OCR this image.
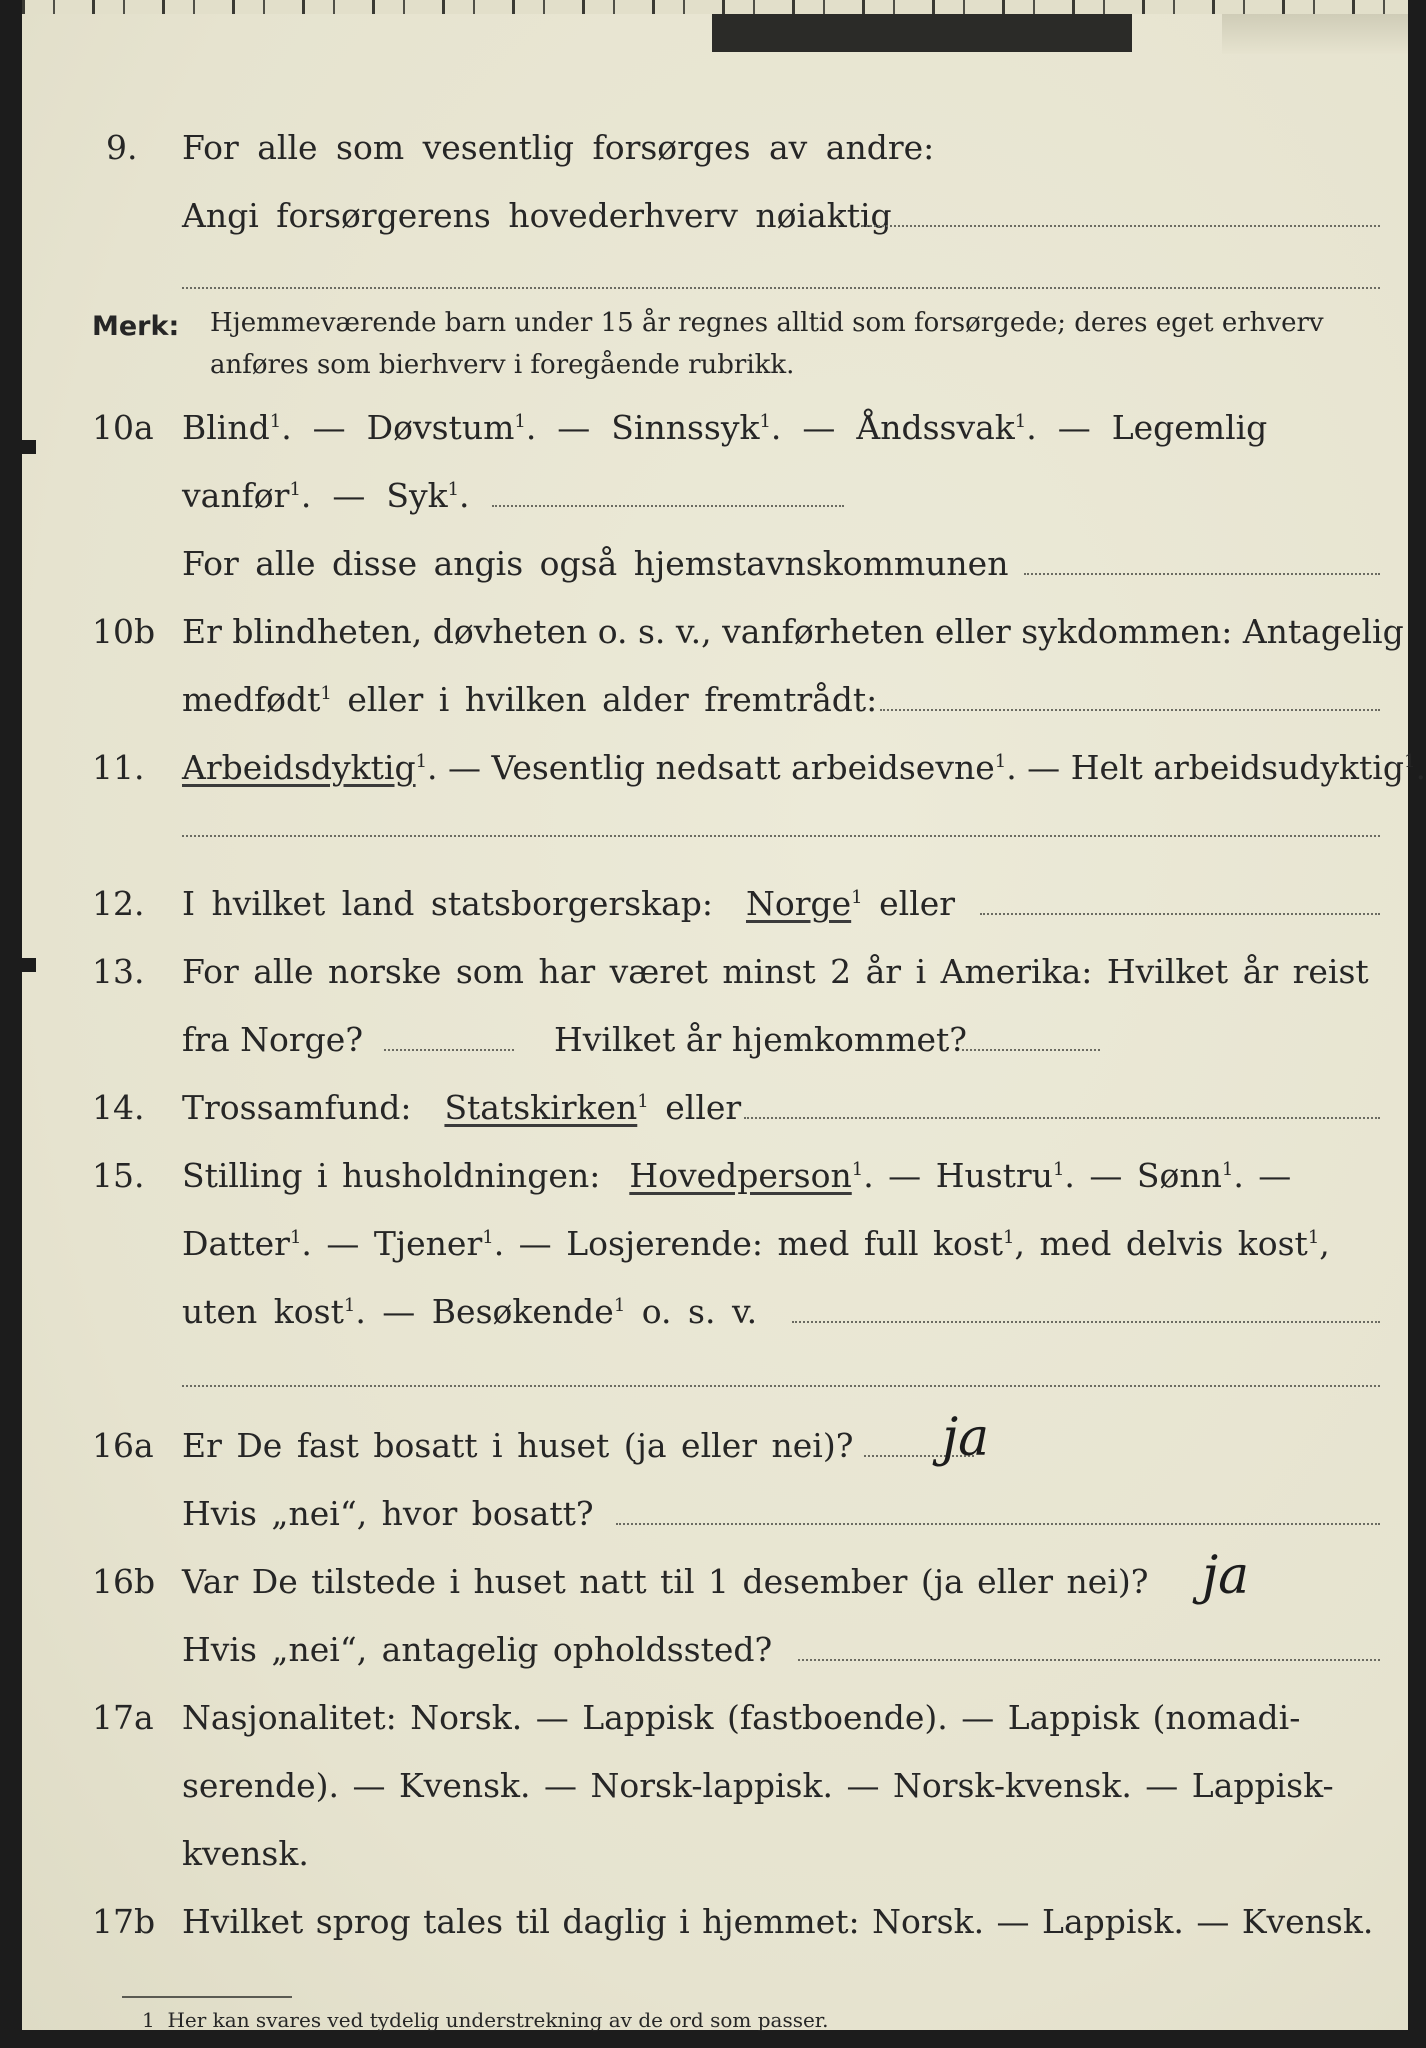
9. For alle som vesentlig forsørges av andre:
Angi forsørgerens hovederhverv nøiaktig
Merk: Hjemmeværende barn under 15 år regnes alltid som forsørgede; deres eget erhverv
anføres som bierhverv i foregående rubrikk.
10a Blind$^1$.  —  Døvstum$^1$.  —  Sinnssyk$^1$.  —  Åndssvak$^1$.  —  Legemlig
vanfør$^1$.  —  Syk$^1$.
For alle disse angis også hjemstavnskommunen
10b Er blindheten, døvheten o. s. v., vanførheten eller sykdommen: Antagelig
medfødt$^1$ eller i hvilken alder fremtrådt:
11. Arbeidsdyktig$^1$. — Vesentlig nedsatt arbeidsevne$^1$. — Helt arbeidsudyktig$^1$.
12. I hvilket land statsborgerskap: Norge$^1$ eller
13. For alle norske som har været minst 2 år i Amerika: Hvilket år reist
fra Norge?	Hvilket år hjemkommet?
14. Trossamfund: Statskirken$^1$ eller
15. Stilling i husholdningen: Hovedperson$^1$. — Hustru$^1$. — Sønn$^1$. —
Datter$^1$. — Tjener$^1$. — Losjerende: med full kost$^1$, med delvis kost$^1$,
uten kost$^1$. — Besøkende$^1$ o. s. v.
16a Er De fast bosatt i huset (ja eller nei)? ja
Hvis „nei“, hvor bosatt?
16b Var De tilstede i huset natt til 1 desember (ja eller nei)? ja
Hvis „nei“, antagelig opholdssted?
17a Nasjonalitet: Norsk. — Lappisk (fastboende). — Lappisk (nomadi-
serende). — Kvensk. — Norsk-lappisk. — Norsk-kvensk. — Lappisk-
kvensk.
17b Hvilket sprog tales til daglig i hjemmet: Norsk. — Lappisk. — Kvensk.
1 Her kan svares ved tydelig understrekning av de ord som passer.
